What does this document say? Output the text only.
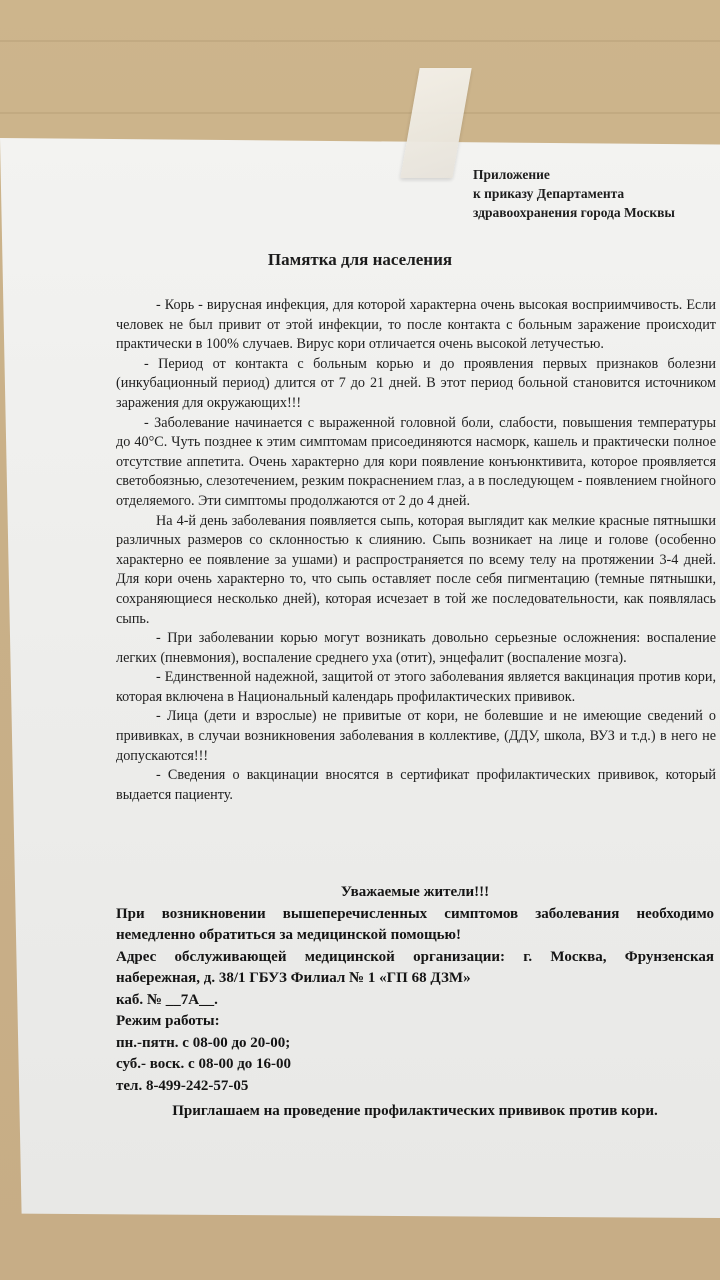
Приложение
к приказу Департамента
здравоохранения города Москвы
Памятка для населения

- Корь - вирусная инфекция, для которой характерна очень высокая восприимчивость. Если человек не был привит от этой инфекции, то после контакта с больным заражение происходит практически в 100% случаев. Вирус кори отличается очень высокой летучестью.

- Период от контакта с больным корью и до проявления первых признаков болезни (инкубационный период) длится от 7 до 21 дней. В этот период больной становится источником заражения для окружающих!!!

- Заболевание начинается с выраженной головной боли, слабости, повышения температуры до 40°С. Чуть позднее к этим симптомам присоединяются насморк, кашель и практически полное отсутствие аппетита. Очень характерно для кори появление конъюнктивита, которое проявляется светобоязнью, слезотечением, резким покраснением глаз, а в последующем - появлением гнойного отделяемого. Эти симптомы продолжаются от 2 до 4 дней.

На 4-й день заболевания появляется сыпь, которая выглядит как мелкие красные пятнышки различных размеров со склонностью к слиянию. Сыпь возникает на лице и голове (особенно характерно ее появление за ушами) и распространяется по всему телу на протяжении 3-4 дней. Для кори очень характерно то, что сыпь оставляет после себя пигментацию (темные пятнышки, сохраняющиеся несколько дней), которая исчезает в той же последовательности, как появлялась сыпь.

- При заболевании корью могут возникать довольно серьезные осложнения: воспаление легких (пневмония), воспаление среднего уха (отит), энцефалит (воспаление мозга).

- Единственной надежной, защитой от этого заболевания является вакцинация против кори, которая включена в Национальный календарь профилактических прививок.

- Лица (дети и взрослые) не привитые от кори, не болевшие и не имеющие сведений о прививках, в случаи возникновения заболевания в коллективе, (ДДУ, школа, ВУЗ и т.д.) в него не допускаются!!!

- Сведения о вакцинации вносятся в сертификат профилактических прививок, который выдается пациенту.

Уважаемые жители!!!
При возникновении вышеперечисленных симптомов заболевания необходимо немедленно обратиться за медицинской помощью!
Адрес обслуживающей медицинской организации: г. Москва, Фрунзенская набережная, д. 38/1 ГБУЗ Филиал № 1 «ГП 68 ДЗМ»
каб. № __7А__.
Режим работы:
пн.-пятн. с 08-00 до 20-00;
суб.- воск. с 08-00 до 16-00
тел. 8-499-242-57-05
Приглашаем на проведение профилактических прививок против кори.
